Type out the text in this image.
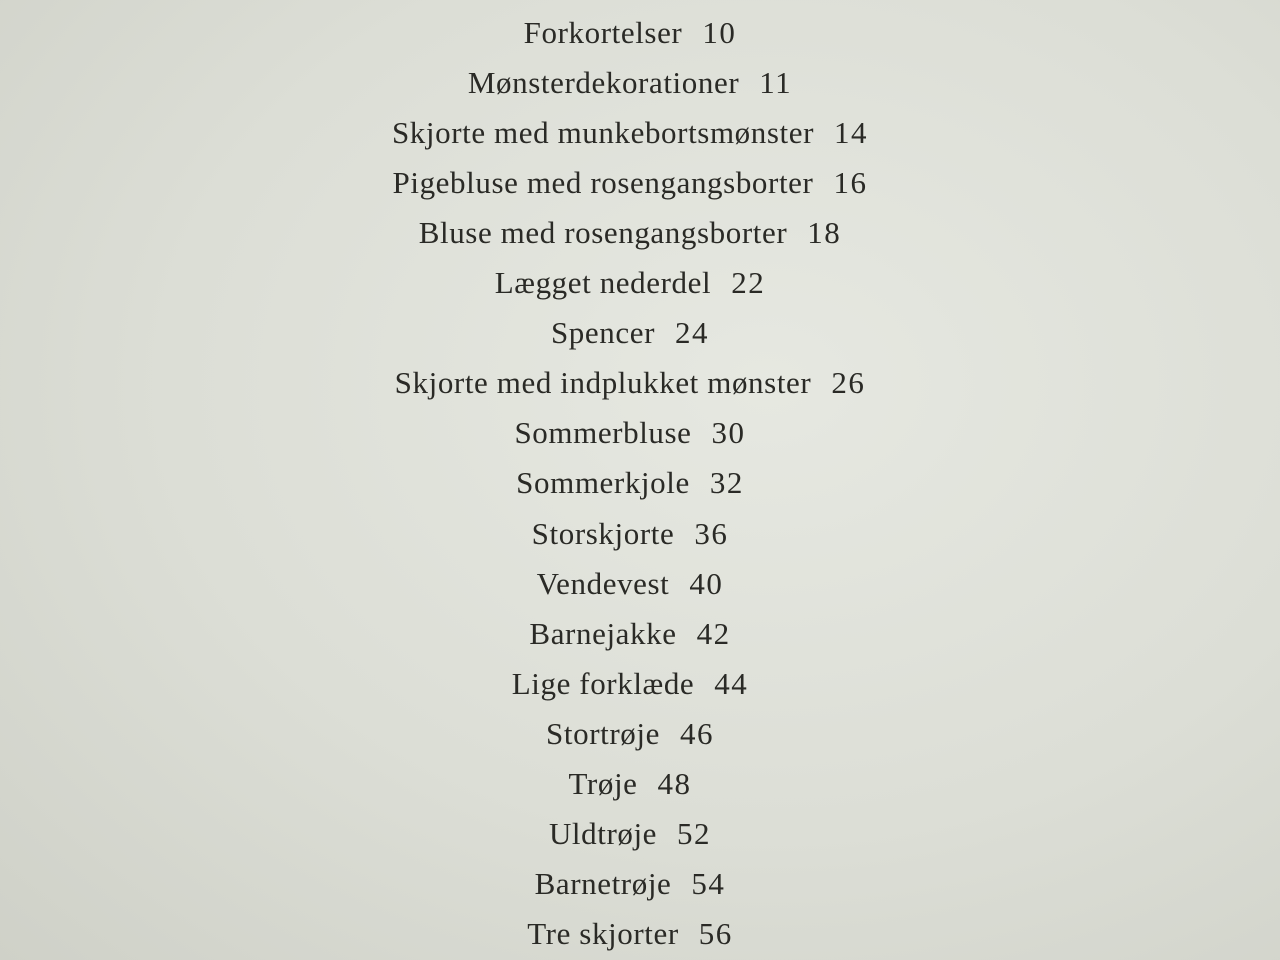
Forkortelser 10
Mønsterdekorationer 11
Skjorte med munkebortsmønster 14
Pigebluse med rosengangsborter 16
Bluse med rosengangsborter 18
Lægget nederdel 22
Spencer 24
Skjorte med indplukket mønster 26
Sommerbluse 30
Sommerkjole 32
Storskjorte 36
Vendevest 40
Barnejakke 42
Lige forklæde 44
Stortrøje 46
Trøje 48
Uldtrøje 52
Barnetrøje 54
Tre skjorter 56
